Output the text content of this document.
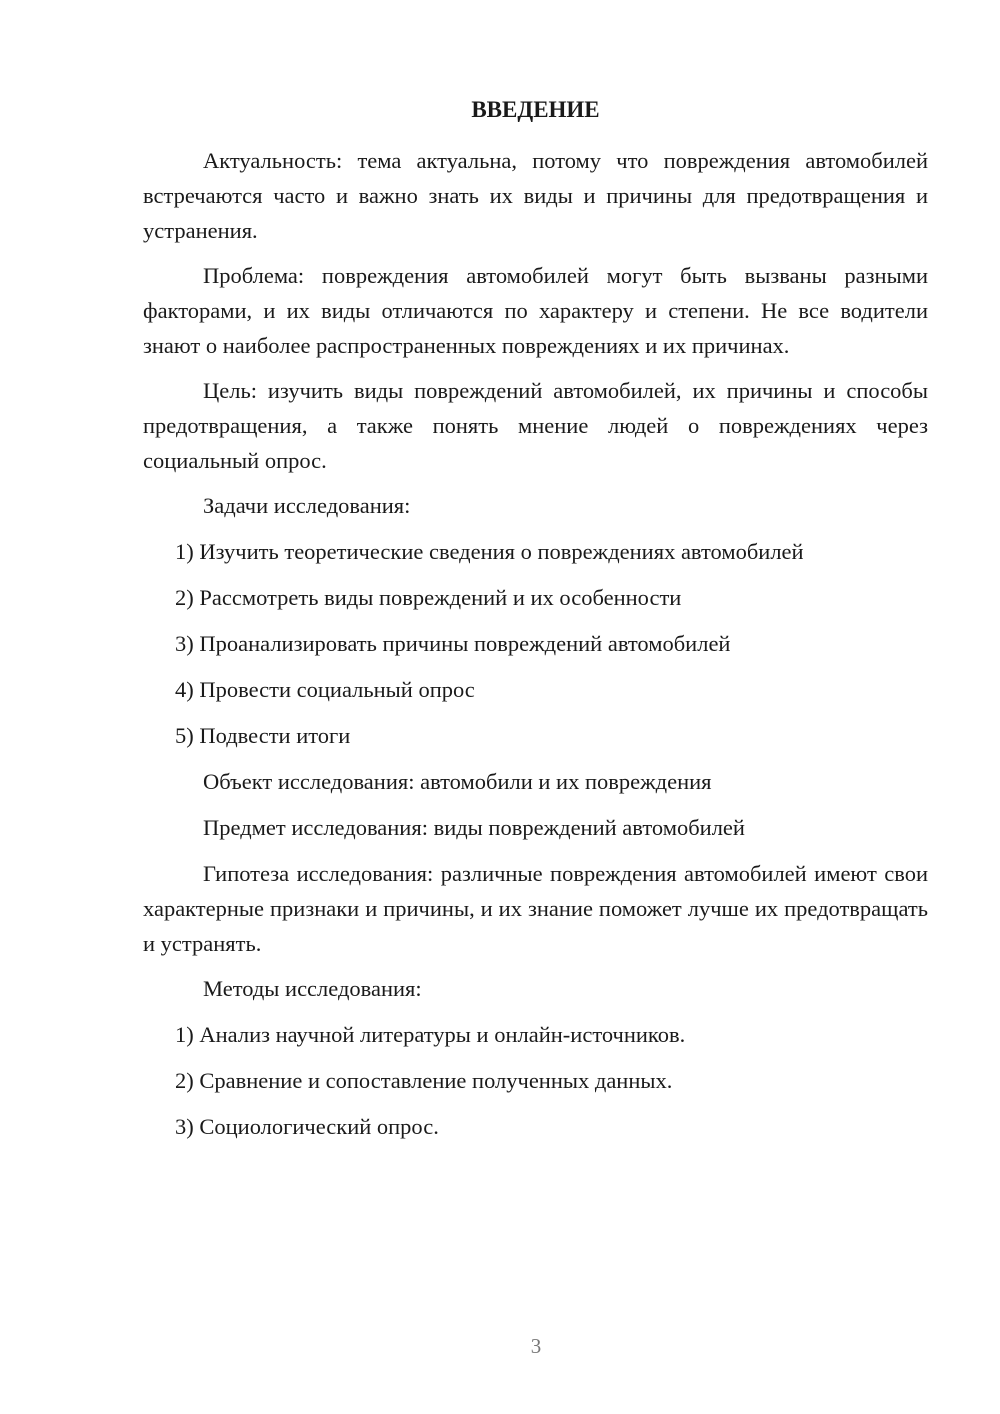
ВВЕДЕНИЕ

Актуальность: тема актуальна, потому что повреждения автомобилей встречаются часто и важно знать их виды и причины для предотвращения и устранения.

Проблема: повреждения автомобилей могут быть вызваны разными факторами, и их виды отличаются по характеру и степени. Не все водители знают о наиболее распространенных повреждениях и их причинах.

Цель: изучить виды повреждений автомобилей, их причины и способы предотвращения, а также понять мнение людей о повреждениях через социальный опрос.

Задачи исследования:

1) Изучить теоретические сведения о повреждениях автомобилей

2) Рассмотреть виды повреждений и их особенности

3) Проанализировать причины повреждений автомобилей

4) Провести социальный опрос

5) Подвести итоги

Объект исследования: автомобили и их повреждения

Предмет исследования: виды повреждений автомобилей

Гипотеза исследования: различные повреждения автомобилей имеют свои характерные признаки и причины, и их знание поможет лучше их предотвращать и устранять.

Методы исследования:

1) Анализ научной литературы и онлайн-источников.

2) Сравнение и сопоставление полученных данных.

3) Социологический опрос.

3
